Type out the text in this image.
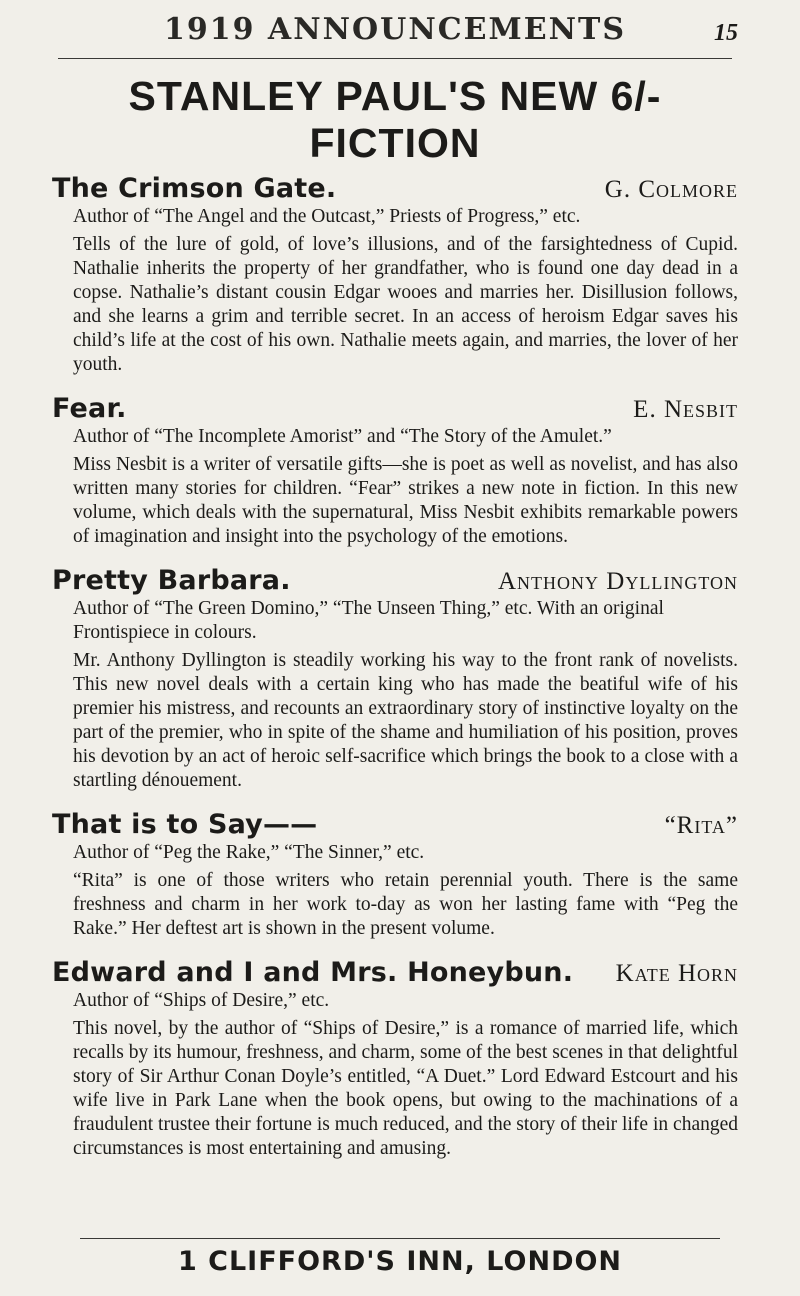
1919 ANNOUNCEMENTS	15
STANLEY PAUL'S NEW 6/- FICTION
The Crimson Gate.	G. Colmore
Author of “The Angel and the Outcast,” Priests of Progress,” etc.
Tells of the lure of gold, of love’s illusions, and of the farsightedness of Cupid. Nathalie inherits the property of her grandfather, who is found one day dead in a copse. Nathalie’s distant cousin Edgar wooes and marries her. Disillusion follows, and she learns a grim and terrible secret. In an access of heroism Edgar saves his child’s life at the cost of his own. Nathalie meets again, and marries, the lover of her youth.
Fear.	E. Nesbit
Author of “The Incomplete Amorist” and “The Story of the Amulet.”
Miss Nesbit is a writer of versatile gifts—she is poet as well as novelist, and has also written many stories for children. “Fear” strikes a new note in fiction. In this new volume, which deals with the supernatural, Miss Nesbit exhibits remarkable powers of imagination and insight into the psychology of the emotions.
Pretty Barbara.	Anthony Dyllington
Author of “The Green Domino,” “The Unseen Thing,” etc. With an original Frontispiece in colours.
Mr. Anthony Dyllington is steadily working his way to the front rank of novelists. This new novel deals with a certain king who has made the beatiful wife of his premier his mistress, and recounts an extraordinary story of instinctive loyalty on the part of the premier, who in spite of the shame and humiliation of his position, proves his devotion by an act of heroic self-sacrifice which brings the book to a close with a startling dénouement.
That is to Say——	“Rita”
Author of “Peg the Rake,” “The Sinner,” etc.
“Rita” is one of those writers who retain perennial youth. There is the same freshness and charm in her work to-day as won her lasting fame with “Peg the Rake.” Her deftest art is shown in the present volume.
Edward and I and Mrs. Honeybun. Kate Horn
Author of “Ships of Desire,” etc.
This novel, by the author of “Ships of Desire,” is a romance of married life, which recalls by its humour, freshness, and charm, some of the best scenes in that delightful story of Sir Arthur Conan Doyle’s entitled, “A Duet.” Lord Edward Estcourt and his wife live in Park Lane when the book opens, but owing to the machinations of a fraudulent trustee their fortune is much reduced, and the story of their life in changed circumstances is most entertaining and amusing.
1 CLIFFORD'S INN, LONDON
